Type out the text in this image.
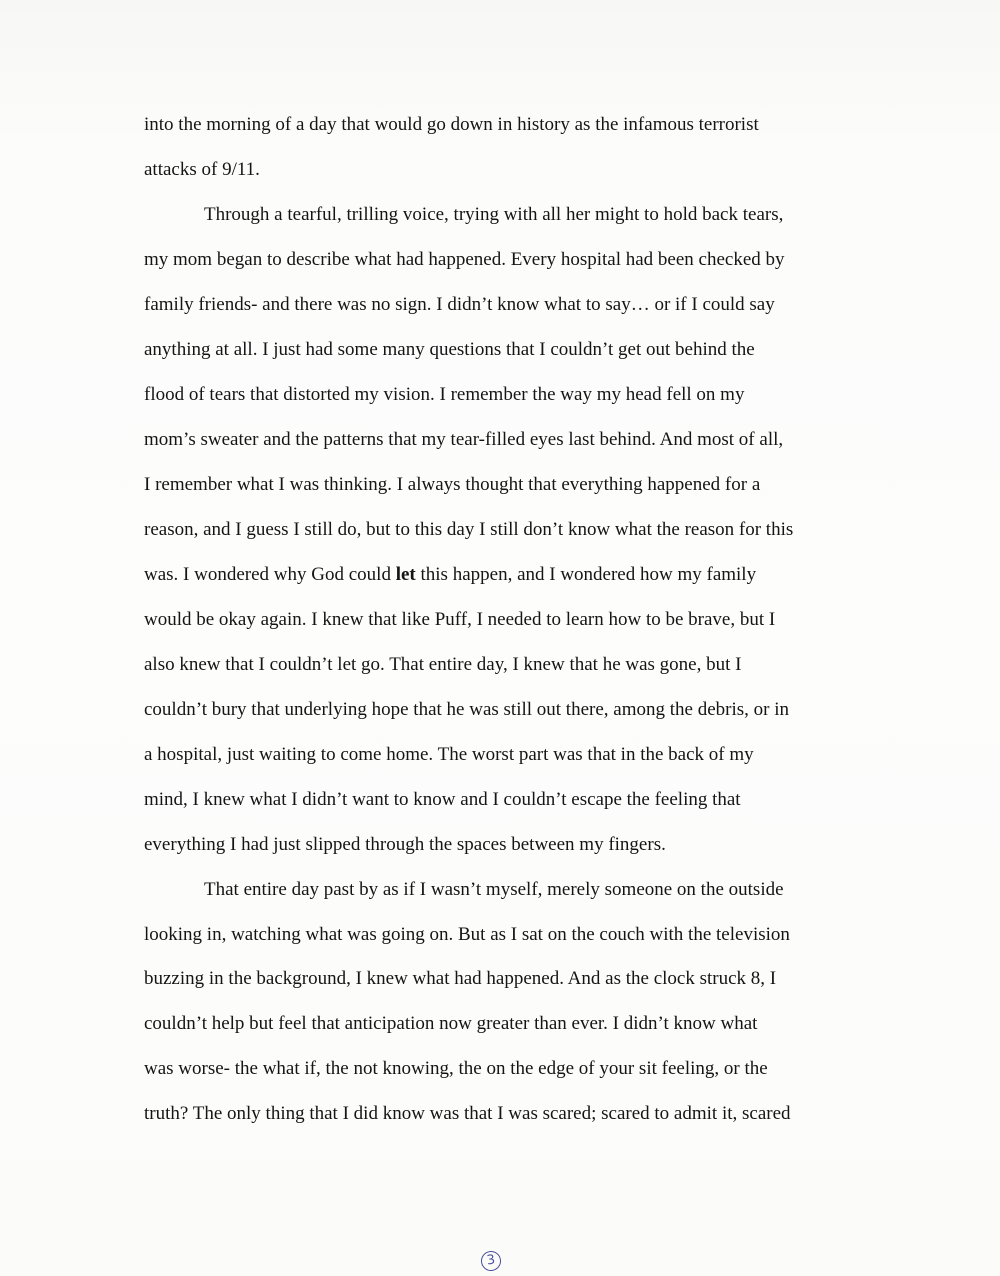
into the morning of a day that would go down in history as the infamous terrorist
attacks of 9/11.
Through a tearful, trilling voice, trying with all her might to hold back tears,
my mom began to describe what had happened. Every hospital had been checked by
family friends- and there was no sign. I didn’t know what to say… or if I could say
anything at all. I just had some many questions that I couldn’t get out behind the
flood of tears that distorted my vision. I remember the way my head fell on my
mom’s sweater and the patterns that my tear-filled eyes last behind. And most of all,
I remember what I was thinking. I always thought that everything happened for a
reason, and I guess I still do, but to this day I still don’t know what the reason for this
was. I wondered why God could let this happen, and I wondered how my family
would be okay again. I knew that like Puff, I needed to learn how to be brave, but I
also knew that I couldn’t let go. That entire day, I knew that he was gone, but I
couldn’t bury that underlying hope that he was still out there, among the debris, or in
a hospital, just waiting to come home. The worst part was that in the back of my
mind, I knew what I didn’t want to know and I couldn’t escape the feeling that
everything I had just slipped through the spaces between my fingers.
That entire day past by as if I wasn’t myself, merely someone on the outside
looking in, watching what was going on. But as I sat on the couch with the television
buzzing in the background, I knew what had happened. And as the clock struck 8, I
couldn’t help but feel that anticipation now greater than ever. I didn’t know what
was worse- the what if, the not knowing, the on the edge of your sit feeling, or the
truth? The only thing that I did know was that I was scared; scared to admit it, scared
3
